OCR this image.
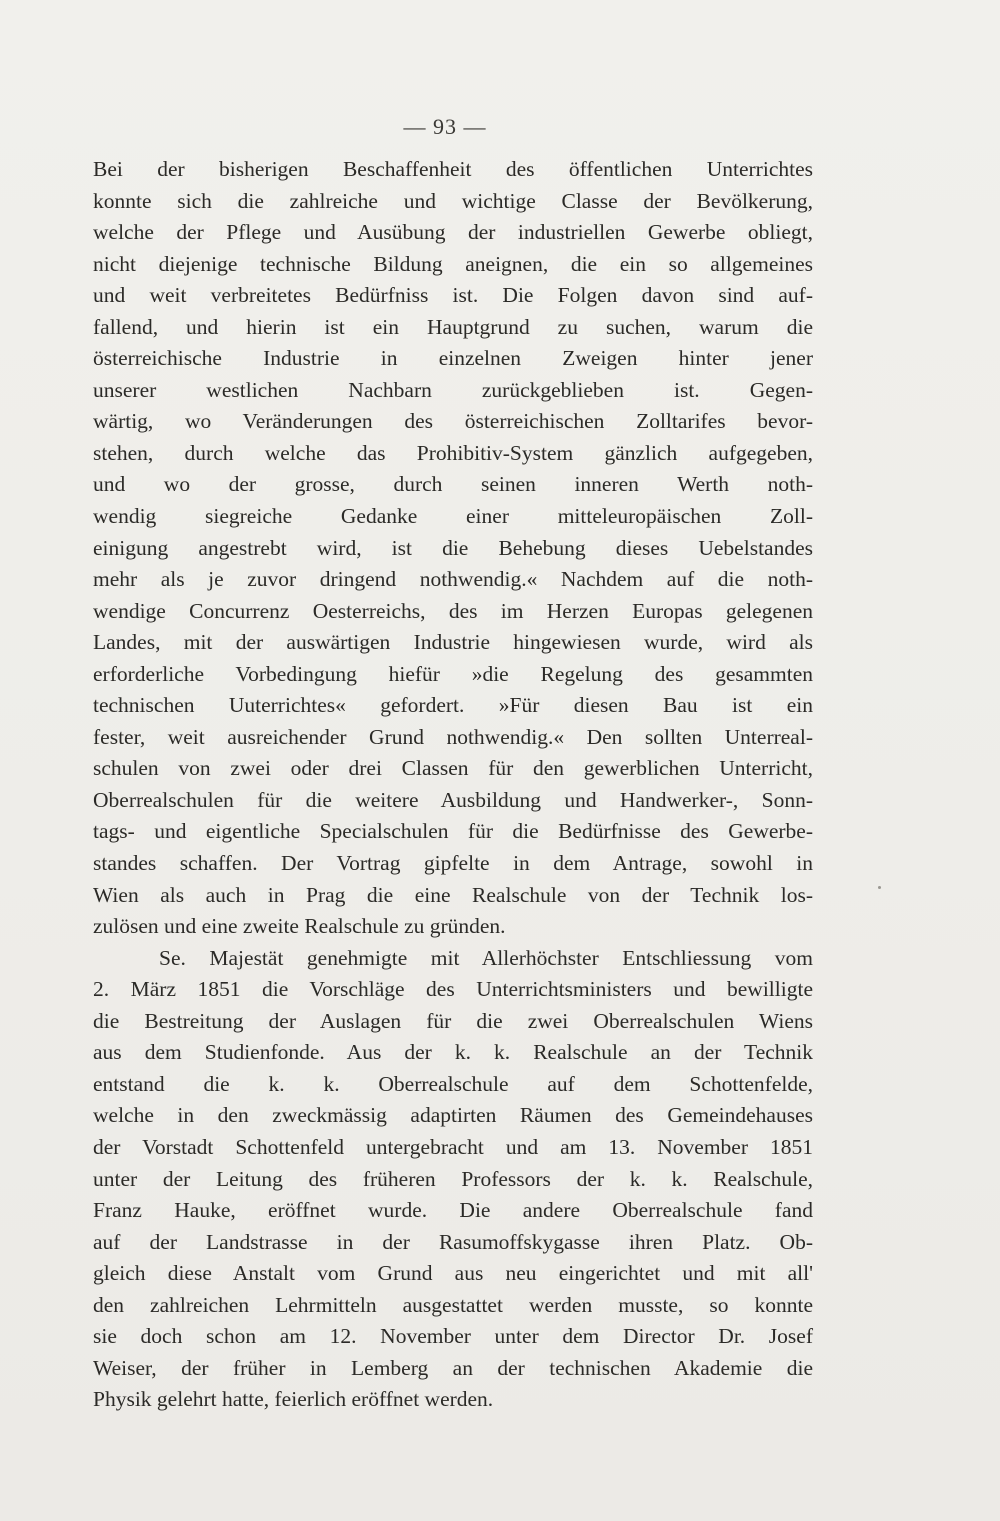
— 93 —
Bei der bisherigen Beschaffenheit des öffentlichen Unterrichtes
konnte sich die zahlreiche und wichtige Classe der Bevölkerung,
welche der Pflege und Ausübung der industriellen Gewerbe obliegt,
nicht diejenige technische Bildung aneignen, die ein so allgemeines
und weit verbreitetes Bedürfniss ist. Die Folgen davon sind auf-
fallend, und hierin ist ein Hauptgrund zu suchen, warum die
österreichische Industrie in einzelnen Zweigen hinter jener
unserer westlichen Nachbarn zurückgeblieben ist. Gegen-
wärtig, wo Veränderungen des österreichischen Zolltarifes bevor-
stehen, durch welche das Prohibitiv-System gänzlich aufgegeben,
und wo der grosse, durch seinen inneren Werth noth-
wendig siegreiche Gedanke einer mitteleuropäischen Zoll-
einigung angestrebt wird, ist die Behebung dieses Uebelstandes
mehr als je zuvor dringend nothwendig.« Nachdem auf die noth-
wendige Concurrenz Oesterreichs, des im Herzen Europas gelegenen
Landes, mit der auswärtigen Industrie hingewiesen wurde, wird als
erforderliche Vorbedingung hiefür »die Regelung des gesammten
technischen Uuterrichtes« gefordert. »Für diesen Bau ist ein
fester, weit ausreichender Grund nothwendig.« Den sollten Unterreal-
schulen von zwei oder drei Classen für den gewerblichen Unterricht,
Oberrealschulen für die weitere Ausbildung und Handwerker-, Sonn-
tags- und eigentliche Specialschulen für die Bedürfnisse des Gewerbe-
standes schaffen. Der Vortrag gipfelte in dem Antrage, sowohl in
Wien als auch in Prag die eine Realschule von der Technik los-
zulösen und eine zweite Realschule zu gründen.
Se. Majestät genehmigte mit Allerhöchster Entschliessung vom
2. März 1851 die Vorschläge des Unterrichtsministers und bewilligte
die Bestreitung der Auslagen für die zwei Oberrealschulen Wiens
aus dem Studienfonde. Aus der k. k. Realschule an der Technik
entstand die k. k. Oberrealschule auf dem Schottenfelde,
welche in den zweckmässig adaptirten Räumen des Gemeindehauses
der Vorstadt Schottenfeld untergebracht und am 13. November 1851
unter der Leitung des früheren Professors der k. k. Realschule,
Franz Hauke, eröffnet wurde. Die andere Oberrealschule fand
auf der Landstrasse in der Rasumoffskygasse ihren Platz. Ob-
gleich diese Anstalt vom Grund aus neu eingerichtet und mit all'
den zahlreichen Lehrmitteln ausgestattet werden musste, so konnte
sie doch schon am 12. November unter dem Director Dr. Josef
Weiser, der früher in Lemberg an der technischen Akademie die
Physik gelehrt hatte, feierlich eröffnet werden.
